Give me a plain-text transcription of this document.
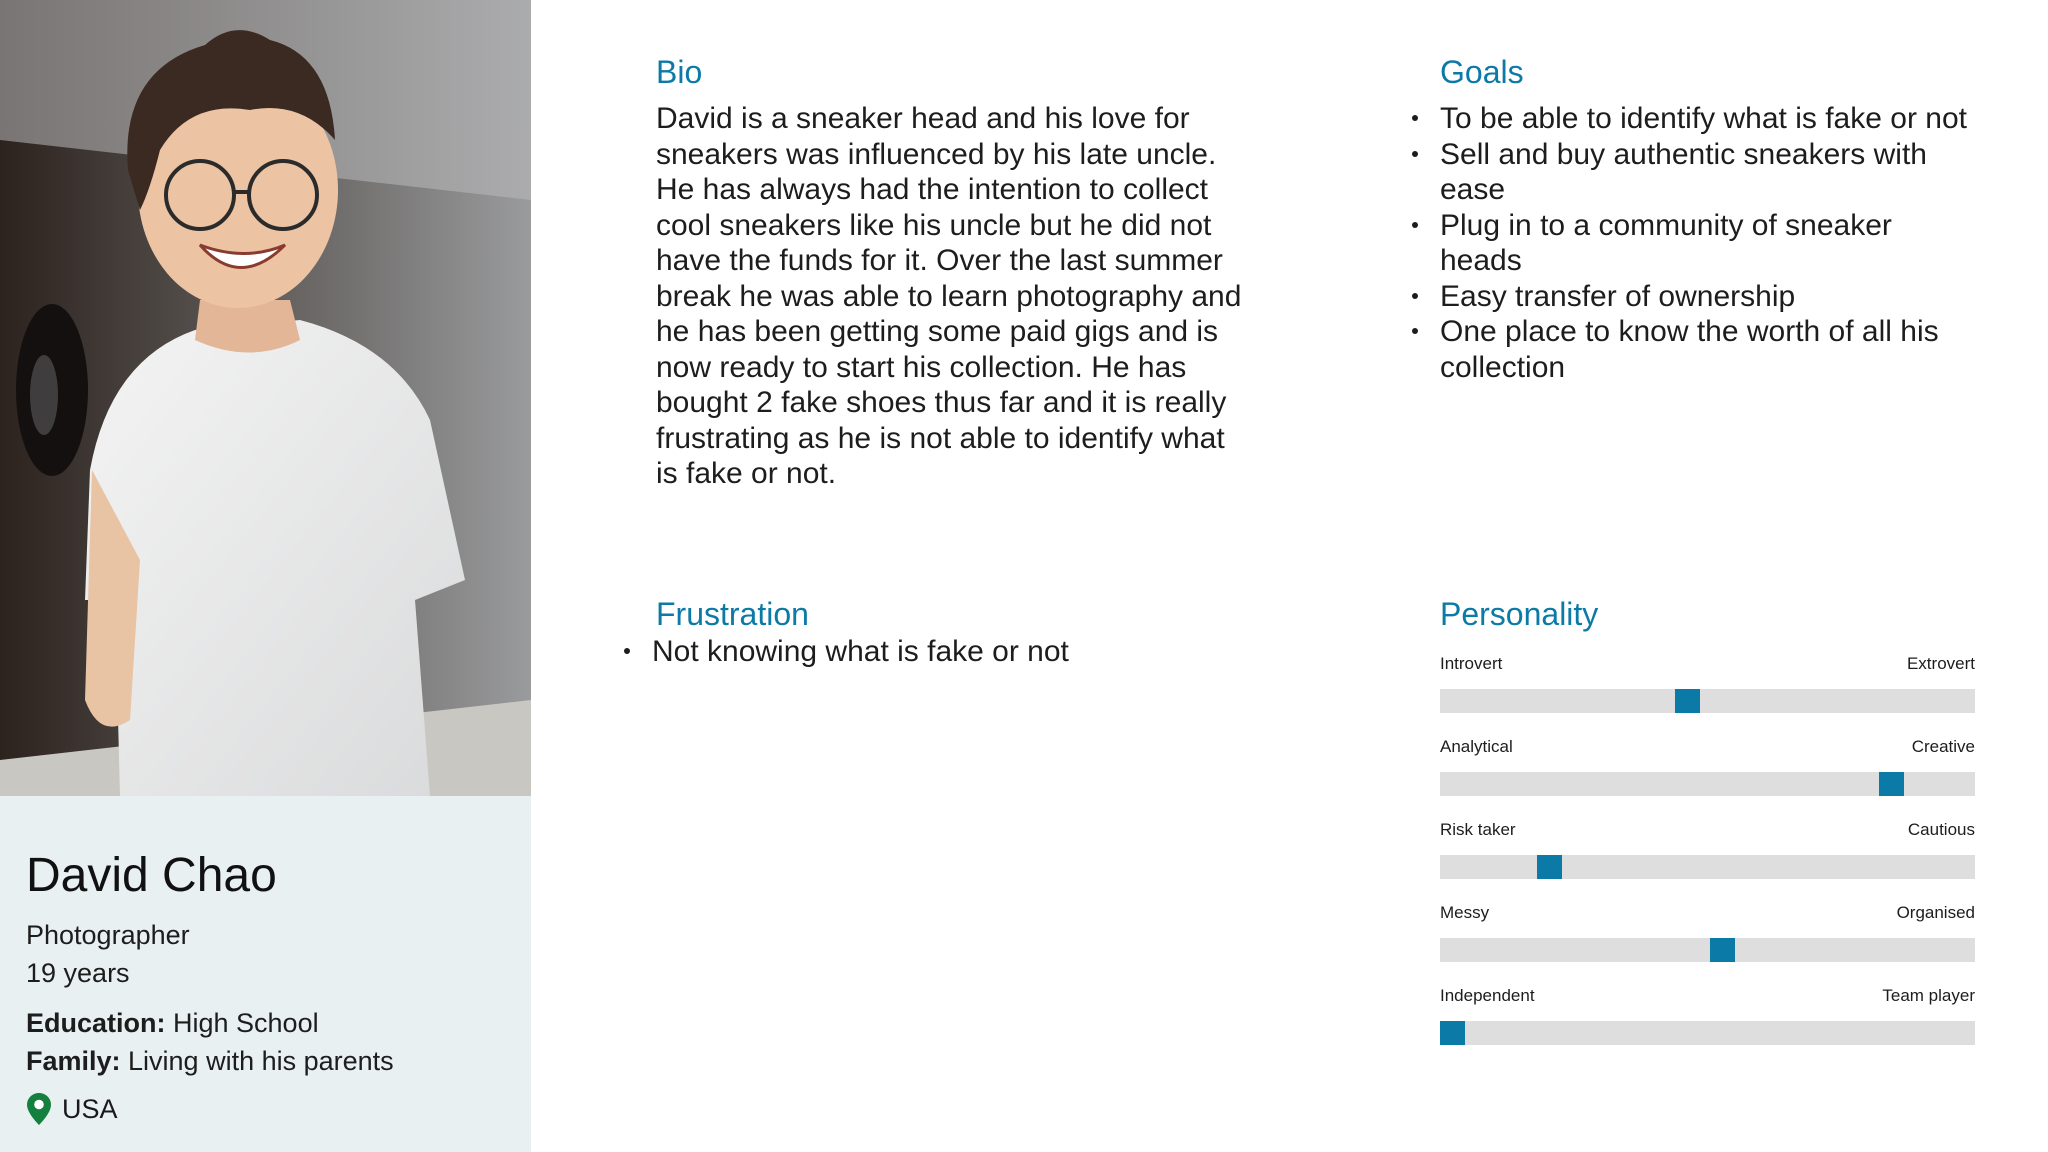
David Chao
Photographer
19 years
Education: High School
Family: Living with his parents
USA
Bio

David is a sneaker head and his love for sneakers was influenced by his late uncle. He has always had the intention to collect cool sneakers like his uncle but he did not have the funds for it. Over the last summer break he was able to learn photography and he has been getting some paid gigs and is now ready to start his collection. He has bought 2 fake shoes thus far and it is really frustrating as he is not able to identify what is fake or not.

Goals
To be able to identify what is fake or not
Sell and buy authentic sneakers with ease
Plug in to a community of sneaker heads
Easy transfer of ownership
One place to know the worth of all his collection
Frustration
Not knowing what is fake or not
Personality
Introvert	Extrovert
Analytical	Creative
Risk taker	Cautious
Messy	Organised
Independent	Team player
